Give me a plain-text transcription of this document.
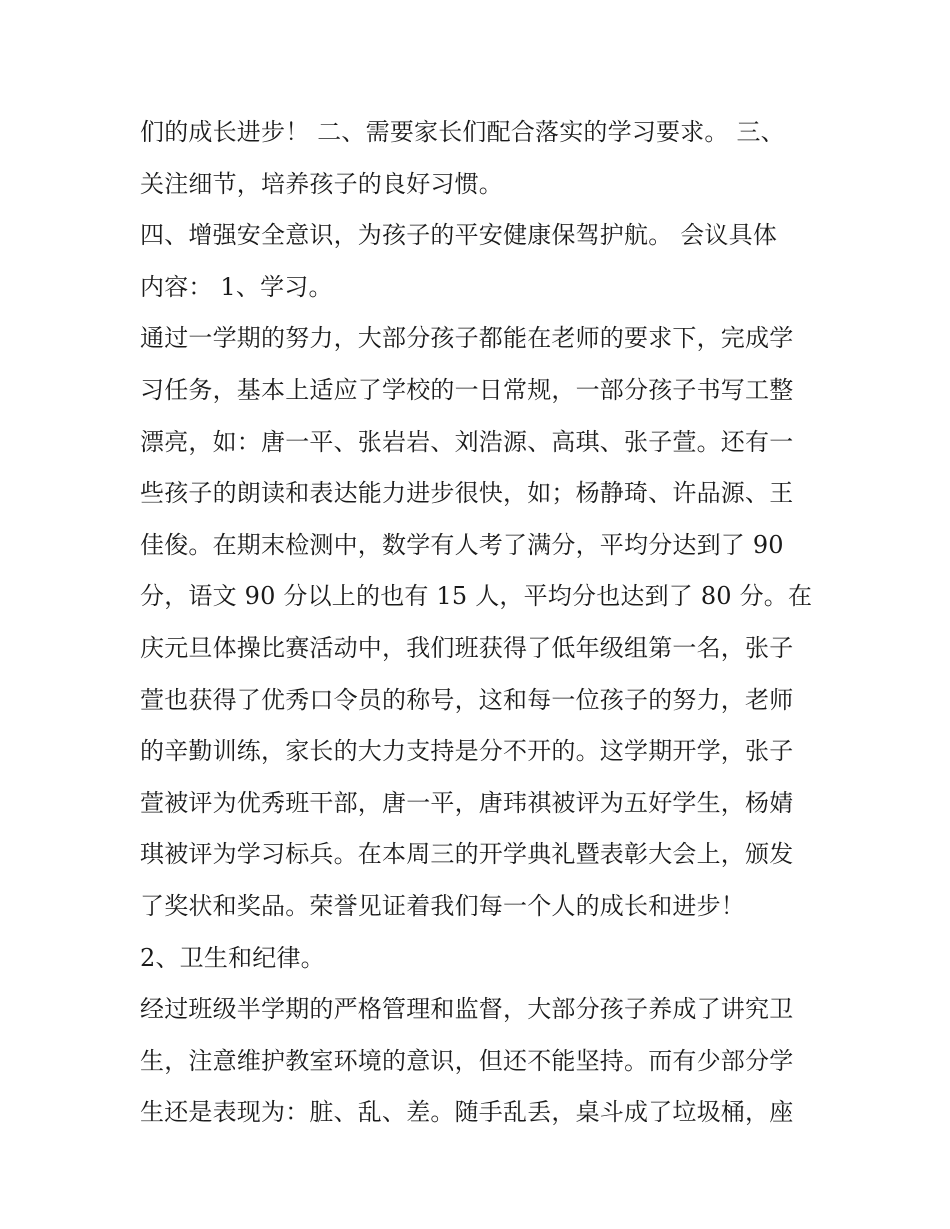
们的成长进步！ 二、需要家长们配合落实的学习要求。 三、
关注细节，培养孩子的良好习惯。
四、增强安全意识，为孩子的平安健康保驾护航。 会议具体
内容： 1、学习。
通过一学期的努力，大部分孩子都能在老师的要求下，完成学
习任务，基本上适应了学校的一日常规，一部分孩子书写工整
漂亮，如：唐一平、张岩岩、刘浩源、高琪、张子萱。还有一
些孩子的朗读和表达能力进步很快，如；杨静琦、许品源、王
佳俊。在期末检测中，数学有人考了满分，平均分达到了 90
分，语文 90 分以上的也有 15 人，平均分也达到了 80 分。在
庆元旦体操比赛活动中，我们班获得了低年级组第一名，张子
萱也获得了优秀口令员的称号，这和每一位孩子的努力，老师
的辛勤训练，家长的大力支持是分不开的。这学期开学，张子
萱被评为优秀班干部，唐一平，唐玮祺被评为五好学生，杨婧
琪被评为学习标兵。在本周三的开学典礼暨表彰大会上，颁发
了奖状和奖品。荣誉见证着我们每一个人的成长和进步！
2、卫生和纪律。
经过班级半学期的严格管理和监督，大部分孩子养成了讲究卫
生，注意维护教室环境的意识，但还不能坚持。而有少部分学
生还是表现为：脏、乱、差。随手乱丢，桌斗成了垃圾桶，座
